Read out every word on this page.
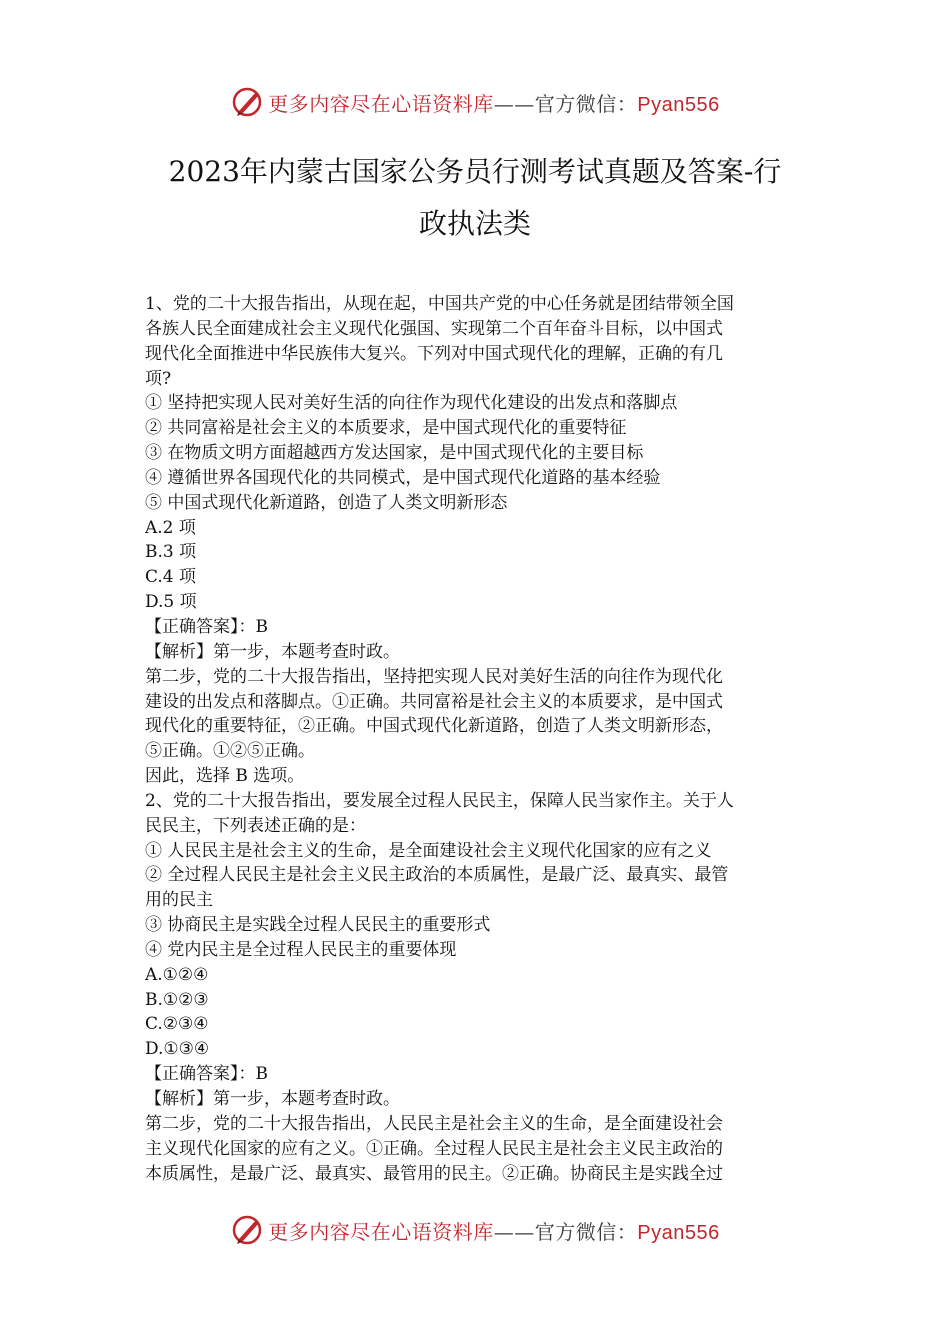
更多内容尽在心语资料库——官方微信：Pyan556
2023年内蒙古国家公务员行测考试真题及答案-行
政执法类
1、党的二十大报告指出，从现在起，中国共产党的中心任务就是团结带领全国
各族人民全面建成社会主义现代化强国、实现第二个百年奋斗目标，以中国式
现代化全面推进中华民族伟大复兴。下列对中国式现代化的理解，正确的有几
项?
① 坚持把实现人民对美好生活的向往作为现代化建设的出发点和落脚点
② 共同富裕是社会主义的本质要求，是中国式现代化的重要特征
③ 在物质文明方面超越西方发达国家，是中国式现代化的主要目标
④ 遵循世界各国现代化的共同模式，是中国式现代化道路的基本经验
⑤ 中国式现代化新道路，创造了人类文明新形态
A.2 项
B.3 项
C.4 项
D.5 项
【正确答案】：B
【解析】第一步，本题考查时政。
第二步，党的二十大报告指出，坚持把实现人民对美好生活的向往作为现代化
建设的出发点和落脚点。①正确。共同富裕是社会主义的本质要求，是中国式
现代化的重要特征，②正确。中国式现代化新道路，创造了人类文明新形态，
⑤正确。①②⑤正确。
因此，选择 B 选项。
2、党的二十大报告指出，要发展全过程人民民主，保障人民当家作主。关于人
民民主，下列表述正确的是：
① 人民民主是社会主义的生命，是全面建设社会主义现代化国家的应有之义
② 全过程人民民主是社会主义民主政治的本质属性，是最广泛、最真实、最管
用的民主
③ 协商民主是实践全过程人民民主的重要形式
④ 党内民主是全过程人民民主的重要体现
A.①②④
B.①②③
C.②③④
D.①③④
【正确答案】：B
【解析】第一步，本题考查时政。
第二步，党的二十大报告指出，人民民主是社会主义的生命，是全面建设社会
主义现代化国家的应有之义。①正确。全过程人民民主是社会主义民主政治的
本质属性，是最广泛、最真实、最管用的民主。②正确。协商民主是实践全过
更多内容尽在心语资料库——官方微信：Pyan556
